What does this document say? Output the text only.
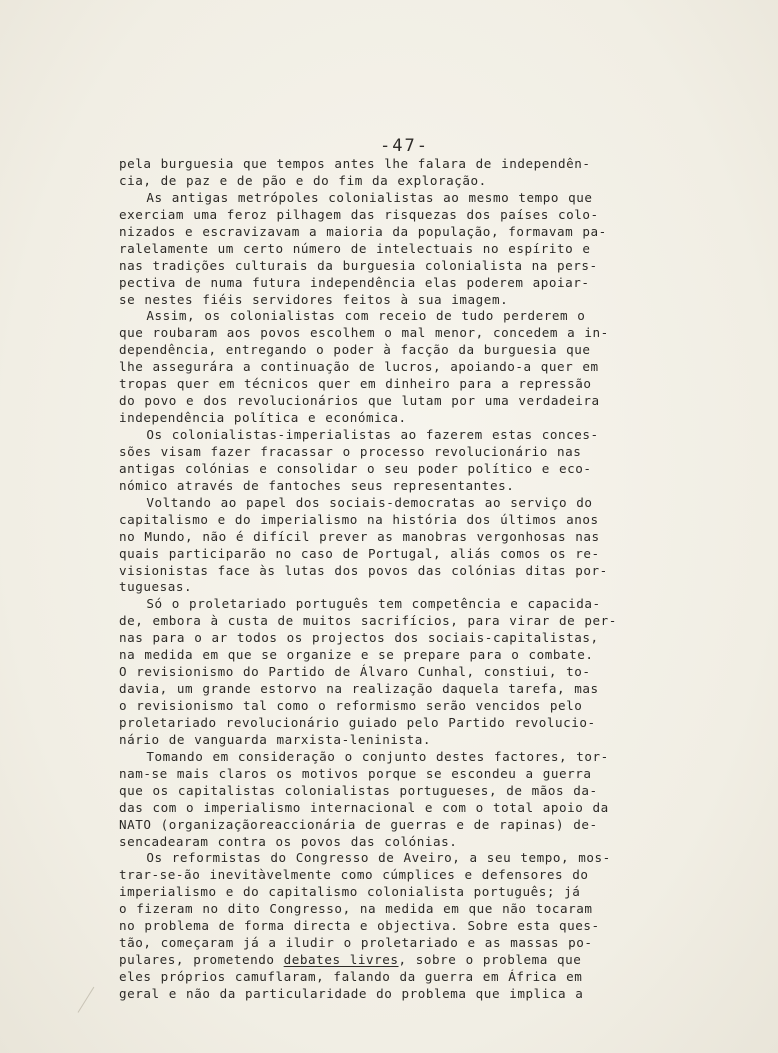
-47-
pela burguesia que tempos antes lhe falara de independên-
cia, de paz e de pão e do fim da exploração.
As antigas metrópoles colonialistas ao mesmo tempo que
exerciam uma feroz pilhagem das risquezas dos países colo-
nizados e escravizavam a maioria da população, formavam pa-
ralelamente um certo número de intelectuais no espírito e
nas tradições culturais da burguesia colonialista na pers-
pectiva de numa futura independência elas poderem apoiar-
se nestes fiéis servidores feitos à sua imagem.
Assim, os colonialistas com receio de tudo perderem o
que roubaram aos povos escolhem o mal menor, concedem a in-
dependência, entregando o poder à facção da burguesia que
lhe assegurára a continuação de lucros, apoiando-a quer em
tropas quer em técnicos quer em dinheiro para a repressão
do povo e dos revolucionários que lutam por uma verdadeira
independência política e económica.
Os colonialistas-imperialistas ao fazerem estas conces-
sões visam fazer fracassar o processo revolucionário nas
antigas colónias e consolidar o seu poder político e eco-
nómico através de fantoches seus representantes.
Voltando ao papel dos sociais-democratas ao serviço do
capitalismo e do imperialismo na história dos últimos anos
no Mundo, não é difícil prever as manobras vergonhosas nas
quais participarão no caso de Portugal, aliás comos os re-
visionistas face às lutas dos povos das colónias ditas por-
tuguesas.
Só o proletariado português tem competência e capacida-
de, embora à custa de muitos sacrifícios, para virar de per-
nas para o ar todos os projectos dos sociais-capitalistas,
na medida em que se organize e se prepare para o combate.
O revisionismo do Partido de Álvaro Cunhal, constiui, to-
davia, um grande estorvo na realização daquela tarefa, mas
o revisionismo tal como o reformismo serão vencidos pelo
proletariado revolucionário guiado pelo Partido revolucio-
nário de vanguarda marxista-leninista.
Tomando em consideração o conjunto destes factores, tor-
nam-se mais claros os motivos porque se escondeu a guerra
que os capitalistas colonialistas portugueses, de mãos da-
das com o imperialismo internacional e com o total apoio da
NATO (organizaçãoreaccionária de guerras e de rapinas) de-
sencadearam contra os povos das colónias.
Os reformistas do Congresso de Aveiro, a seu tempo, mos-
trar-se-ão inevitàvelmente como cúmplices e defensores do
imperialismo e do capitalismo colonialista português; já
o fizeram no dito Congresso, na medida em que não tocaram
no problema de forma directa e objectiva. Sobre esta ques-
tão, começaram já a iludir o proletariado e as massas po-
pulares, prometendo debates livres, sobre o problema que
eles próprios camuflaram, falando da guerra em África em
geral e não da particularidade do problema que implica a
